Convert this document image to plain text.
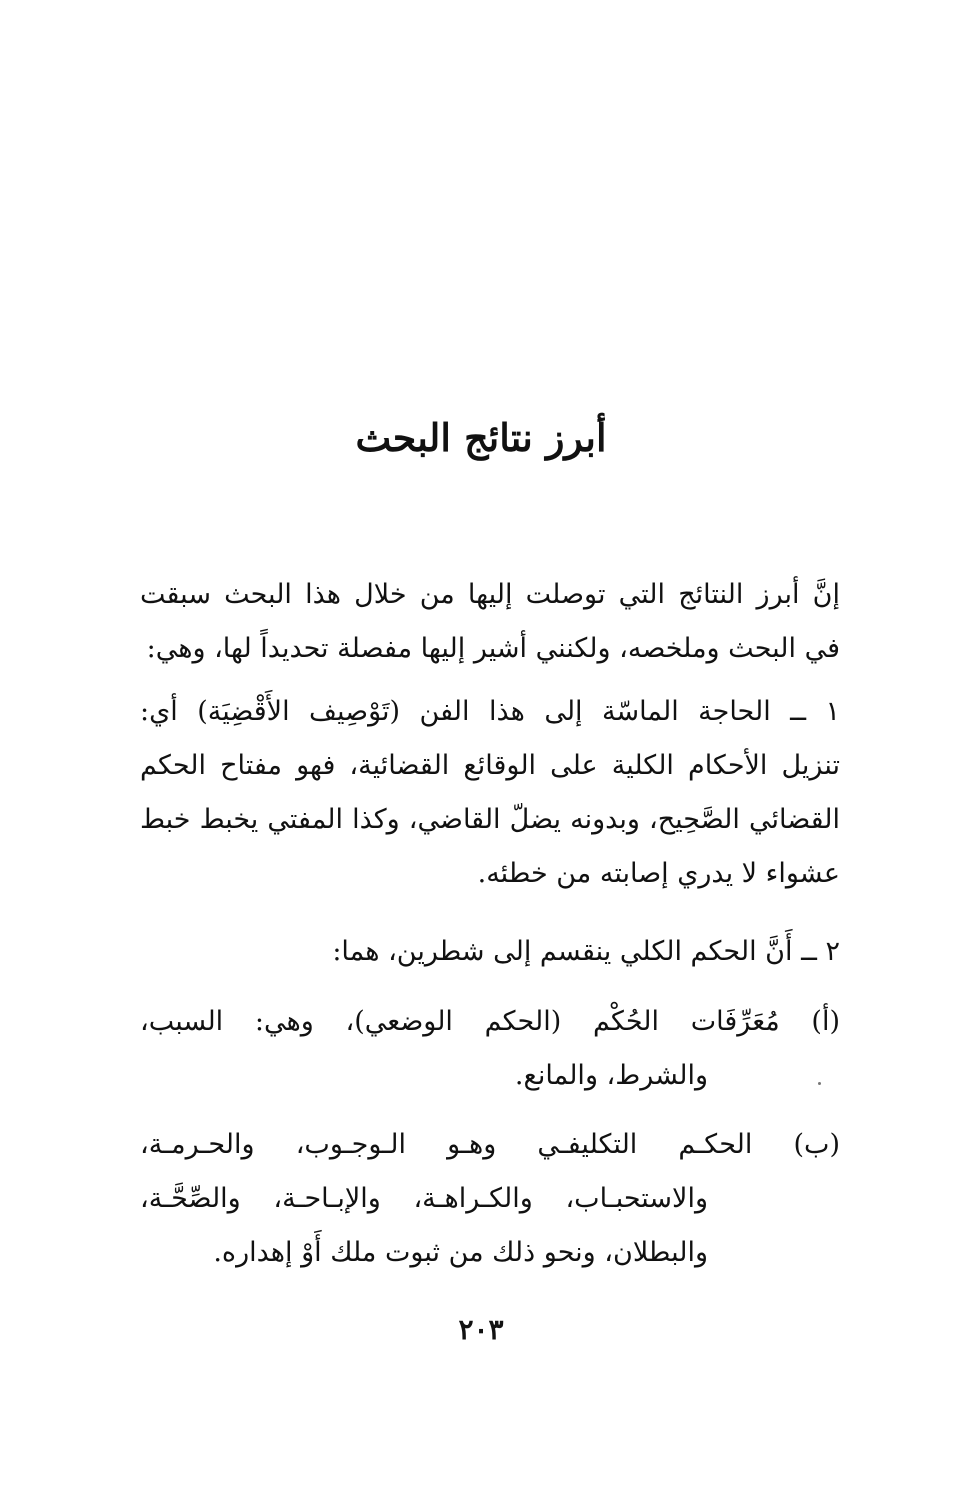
أبرز نتائج البحث
إنَّ أبرز النتائج التي توصلت إليها من خلال هذا البحث سبقت
في البحث وملخصه، ولكنني أشير إليها مفصلة تحديداً لها، وهي:
١ ــ الحاجة الماسّة إلى هذا الفن (تَوْصِيف الأَقْضِيَة) أي:
تنزيل الأحكام الكلية على الوقائع القضائية، فهو مفتاح الحكم
القضائي الصَّحِيح، وبدونه يضلّ القاضي، وكذا المفتي يخبط خبط
عشواء لا يدري إصابته من خطئه.
٢ ــ أَنَّ الحكم الكلي ينقسم إلى شطرين، هما:
(أ) مُعَرِّفَات الحُكْم (الحكم الوضعي)، وهي: السبب،
والشرط، والمانع.
(ب) الحكـم التكليفـي وهـو الـوجـوب، والحـرمـة،
والاستحبـاب، والكـراهـة، والإبـاحـة، والصِّحَّـة،
والبطلان، ونحو ذلك من ثبوت ملك أَوْ إهداره.
٢٠٣
